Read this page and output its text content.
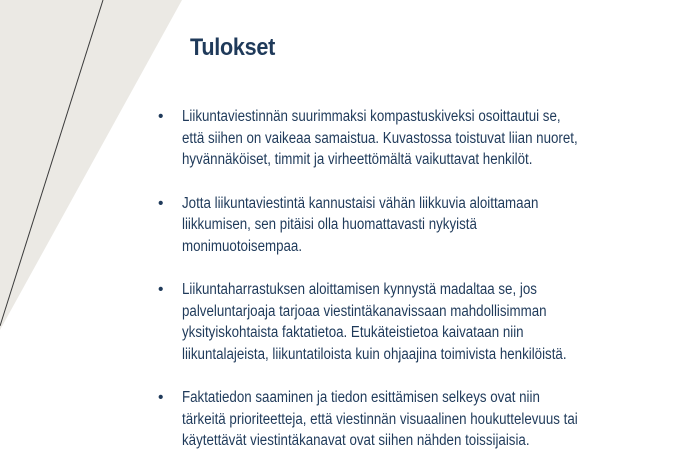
Tulokset
• Liikuntaviestinnän suurimmaksi kompastuskiveksi osoittautui se,
että siihen on vaikeaa samaistua. Kuvastossa toistuvat liian nuoret,
hyvännäköiset, timmit ja virheettömältä vaikuttavat henkilöt.
• Jotta liikuntaviestintä kannustaisi vähän liikkuvia aloittamaan
liikkumisen, sen pitäisi olla huomattavasti nykyistä
monimuotoisempaa.
• Liikuntaharrastuksen aloittamisen kynnystä madaltaa se, jos
palveluntarjoaja tarjoaa viestintäkanavissaan mahdollisimman
yksityiskohtaista faktatietoa. Etukäteistietoa kaivataan niin
liikuntalajeista, liikuntatiloista kuin ohjaajina toimivista henkilöistä.
• Faktatiedon saaminen ja tiedon esittämisen selkeys ovat niin
tärkeitä prioriteetteja, että viestinnän visuaalinen houkuttelevuus tai
käytettävät viestintäkanavat ovat siihen nähden toissijaisia.
